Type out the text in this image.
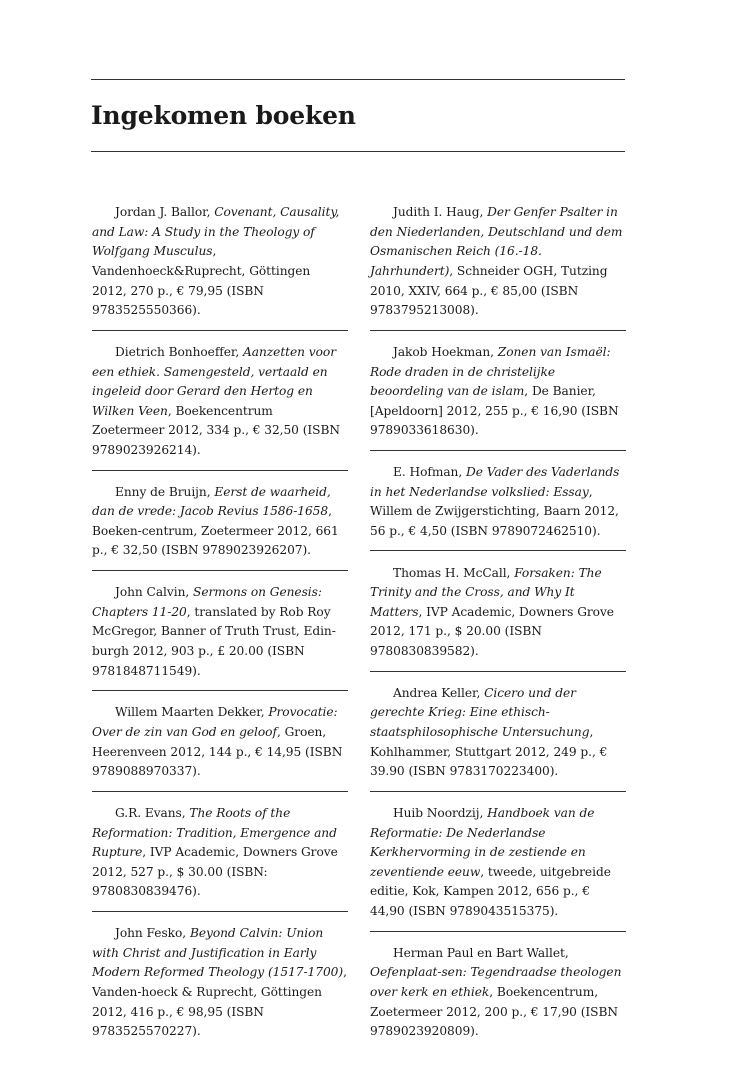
Ingekomen boeken

Jordan J. Ballor, Covenant, Causality, and Law: A Study in the Theology of Wolfgang Musculus, Vandenhoeck&Ruprecht, Göttingen 2012, 270 p., € 79,95 (ISBN 9783525550366).

Dietrich Bonhoeffer, Aanzetten voor een ethiek. Samengesteld, vertaald en ingeleid door Gerard den Hertog en Wilken Veen, Boekencentrum Zoetermeer 2012, 334 p., € 32,50 (ISBN 9789023926214).

Enny de Bruijn, Eerst de waarheid, dan de vrede: Jacob Revius 1586-1658, Boeken-centrum, Zoetermeer 2012, 661 p., € 32,50 (ISBN 9789023926207).

John Calvin, Sermons on Genesis: Chapters 11-20, translated by Rob Roy McGregor, Banner of Truth Trust, Edin-burgh 2012, 903 p., £ 20.00 (ISBN 9781848711549).

Willem Maarten Dekker, Provocatie: Over de zin van God en geloof, Groen, Heerenveen 2012, 144 p., € 14,95 (ISBN 9789088970337).

G.R. Evans, The Roots of the Reformation: Tradition, Emergence and Rupture, IVP Academic, Downers Grove 2012, 527 p., $ 30.00 (ISBN: 9780830839476).

John Fesko, Beyond Calvin: Union with Christ and Justification in Early Modern Reformed Theology (1517-1700), Vanden-hoeck & Ruprecht, Göttingen 2012, 416 p., € 98,95 (ISBN 9783525570227).

Judith I. Haug, Der Genfer Psalter in den Niederlanden, Deutschland und dem Osmanischen Reich (16.-18. Jahrhundert), Schneider OGH, Tutzing 2010, XXIV, 664 p., € 85,00 (ISBN 9783795213008).

Jakob Hoekman, Zonen van Ismaël: Rode draden in de christelijke beoordeling van de islam, De Banier, [Apeldoorn] 2012, 255 p., € 16,90 (ISBN 9789033618630).

E. Hofman, De Vader des Vaderlands in het Nederlandse volkslied: Essay, Willem de Zwijgerstichting, Baarn 2012, 56 p., € 4,50 (ISBN 9789072462510).

Thomas H. McCall, Forsaken: The Trinity and the Cross, and Why It Matters, IVP Academic, Downers Grove 2012, 171 p., $ 20.00 (ISBN 9780830839582).

Andrea Keller, Cicero und der gerechte Krieg: Eine ethisch-staatsphilosophische Untersuchung, Kohlhammer, Stuttgart 2012, 249 p., € 39.90 (ISBN 9783170223400).

Huib Noordzij, Handboek van de Reformatie: De Nederlandse Kerkhervorming in de zestiende en zeventiende eeuw, tweede, uitgebreide editie, Kok, Kampen 2012, 656 p., € 44,90 (ISBN 9789043515375).

Herman Paul en Bart Wallet, Oefenplaat-sen: Tegendraadse theologen over kerk en ethiek, Boekencentrum, Zoetermeer 2012, 200 p., € 17,90 (ISBN 9789023920809).
